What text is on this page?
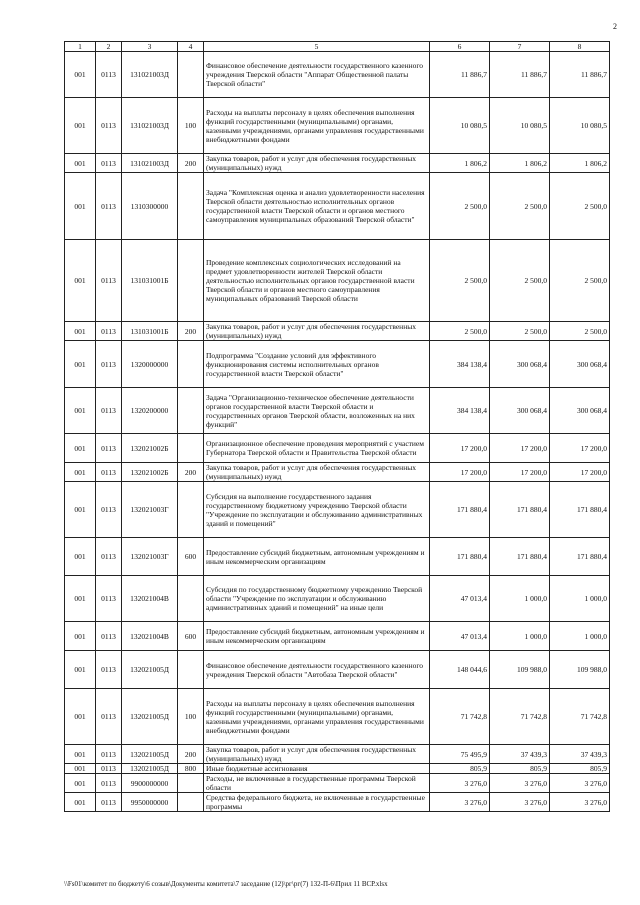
2
1	2	3	4	5	6	7	8
001	0113	131021003Д		Финансовое обеспечение деятельности государственного казенного учреждения Тверской области "Аппарат Общественной палаты Тверской области"	11 886,7	11 886,7	11 886,7
001	0113	131021003Д	100	Расходы на выплаты персоналу в целях обеспечения выполнения функций государственными (муниципальными) органами, казенными учреждениями, органами управления государственными внебюджетными фондами	10 080,5	10 080,5	10 080,5
001	0113	131021003Д	200	Закупка товаров, работ и услуг для обеспечения государственных (муниципальных) нужд	1 806,2	1 806,2	1 806,2
001	0113	1310300000		Задача "Комплексная оценка и анализ удовлетворенности населения Тверской области деятельностью исполнительных органов государственной власти Тверской области и органов местного самоуправления муниципальных образований Тверской области"	2 500,0	2 500,0	2 500,0
001	0113	131031001Б		Проведение комплексных социологических исследований на предмет удовлетворенности жителей Тверской области деятельностью исполнительных органов государственной власти Тверской области и органов местного самоуправления муниципальных образований Тверской области	2 500,0	2 500,0	2 500,0
001	0113	131031001Б	200	Закупка товаров, работ и услуг для обеспечения государственных (муниципальных) нужд	2 500,0	2 500,0	2 500,0
001	0113	1320000000		Подпрограмма "Создание условий для эффективного функционирования системы исполнительных органов государственной власти Тверской области"	384 138,4	300 068,4	300 068,4
001	0113	1320200000		Задача "Организационно-техническое обеспечение деятельности органов государственной власти Тверской области и государственных органов Тверской области, возложенных на них функций"	384 138,4	300 068,4	300 068,4
001	0113	132021002Б		Организационное обеспечение проведения мероприятий с участием Губернатора Тверской области и Правительства Тверской области	17 200,0	17 200,0	17 200,0
001	0113	132021002Б	200	Закупка товаров, работ и услуг для обеспечения государственных (муниципальных) нужд	17 200,0	17 200,0	17 200,0
001	0113	132021003Г		Субсидия на выполнение государственного задания государственному бюджетному учреждению Тверской области "Учреждение по эксплуатации и обслуживанию административных зданий и помещений"	171 880,4	171 880,4	171 880,4
001	0113	132021003Г	600	Предоставление субсидий бюджетным, автономным учреждениям и иным некоммерческим организациям	171 880,4	171 880,4	171 880,4
001	0113	132021004В		Субсидия по государственному бюджетному учреждению Тверской области "Учреждение по эксплуатации и обслуживанию административных зданий и помещений" на иные цели	47 013,4	1 000,0	1 000,0
001	0113	132021004В	600	Предоставление субсидий бюджетным, автономным учреждениям и иным некоммерческим организациям	47 013,4	1 000,0	1 000,0
001	0113	132021005Д		Финансовое обеспечение деятельности государственного казенного учреждения Тверской области "Автобаза Тверской области"	148 044,6	109 988,0	109 988,0
001	0113	132021005Д	100	Расходы на выплаты персоналу в целях обеспечения выполнения функций государственными (муниципальными) органами, казенными учреждениями, органами управления государственными внебюджетными фондами	71 742,8	71 742,8	71 742,8
001	0113	132021005Д	200	Закупка товаров, работ и услуг для обеспечения государственных (муниципальных) нужд	75 495,9	37 439,3	37 439,3
001	0113	132021005Д	800	Иные бюджетные ассигнования	805,9	805,9	805,9
001	0113	9900000000		Расходы, не включенные в государственные программы Тверской области	3 276,0	3 276,0	3 276,0
001	0113	9950000000		Средства федерального бюджета, не включенные в государственные программы	3 276,0	3 276,0	3 276,0
\\Fs01\комитет по бюджету\6 созыв\Документы комитета\7 заседание (12)\рг\рг(7) 132-П-6\Прил 11 ВСР.xlsx
